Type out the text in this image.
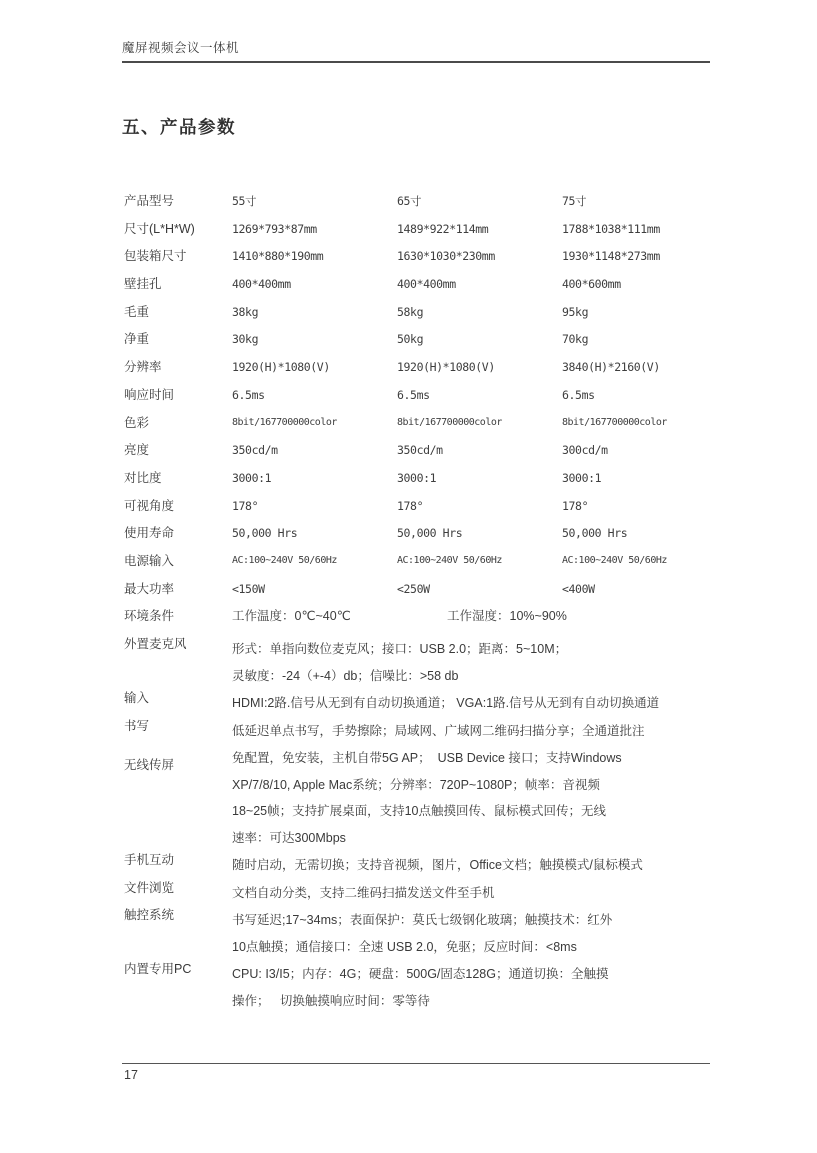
魔屏视频会议一体机
五、产品参数
产品型号	55寸	65寸	75寸
尺寸(L*H*W)	1269*793*87mm	1489*922*114mm	1788*1038*111mm
包装箱尺寸	1410*880*190mm	1630*1030*230mm	1930*1148*273mm
壁挂孔	400*400mm	400*400mm	400*600mm
毛重	38kg	58kg	95kg
净重	30kg	50kg	70kg
分辨率	1920(H)*1080(V)	1920(H)*1080(V)	3840(H)*2160(V)
响应时间	6.5ms	6.5ms	6.5ms
色彩	8bit/167700000color	8bit/167700000color	8bit/167700000color
亮度	350cd/m	350cd/m	300cd/m
对比度	3000:1	3000:1	3000:1
可视角度	178°	178°	178°
使用寿命	50,000 Hrs	50,000 Hrs	50,000 Hrs
电源输入	AC:100~240V 50/60Hz	AC:100~240V 50/60Hz	AC:100~240V 50/60Hz
最大功率	<150W	<250W	<400W
环境条件	工作温度：0℃~40℃	工作湿度：10%~90%
外置麦克风	形式：单指向数位麦克风；接口：USB 2.0；距离：5~10M；
灵敏度：-24（+-4）db；信噪比：>58 db
输入	HDMI:2路.信号从无到有自动切换通道； VGA:1路.信号从无到有自动切换通道
书写	低延迟单点书写，手势擦除；局域网、广域网二维码扫描分享；全通道批注
无线传屏	免配置，免安装，主机自带5G AP；  USB Device 接口；支持Windows
XP/7/8/10, Apple Mac系统；分辨率：720P~1080P；帧率：音视频
18~25帧；支持扩展桌面，支持10点触摸回传、鼠标模式回传；无线
速率：可达300Mbps
手机互动	随时启动，无需切换；支持音视频，图片，Office文档；触摸模式/鼠标模式
文件浏览	文档自动分类，支持二维码扫描发送文件至手机
触控系统	书写延迟;17~34ms；表面保护：莫氏七级钢化玻璃；触摸技术：红外
10点触摸；通信接口：全速 USB 2.0，免驱；反应时间：<8ms
内置专用PC	CPU: I3/I5；内存：4G；硬盘：500G/固态128G；通道切换：全触摸
操作；   切换触摸响应时间：零等待
17
